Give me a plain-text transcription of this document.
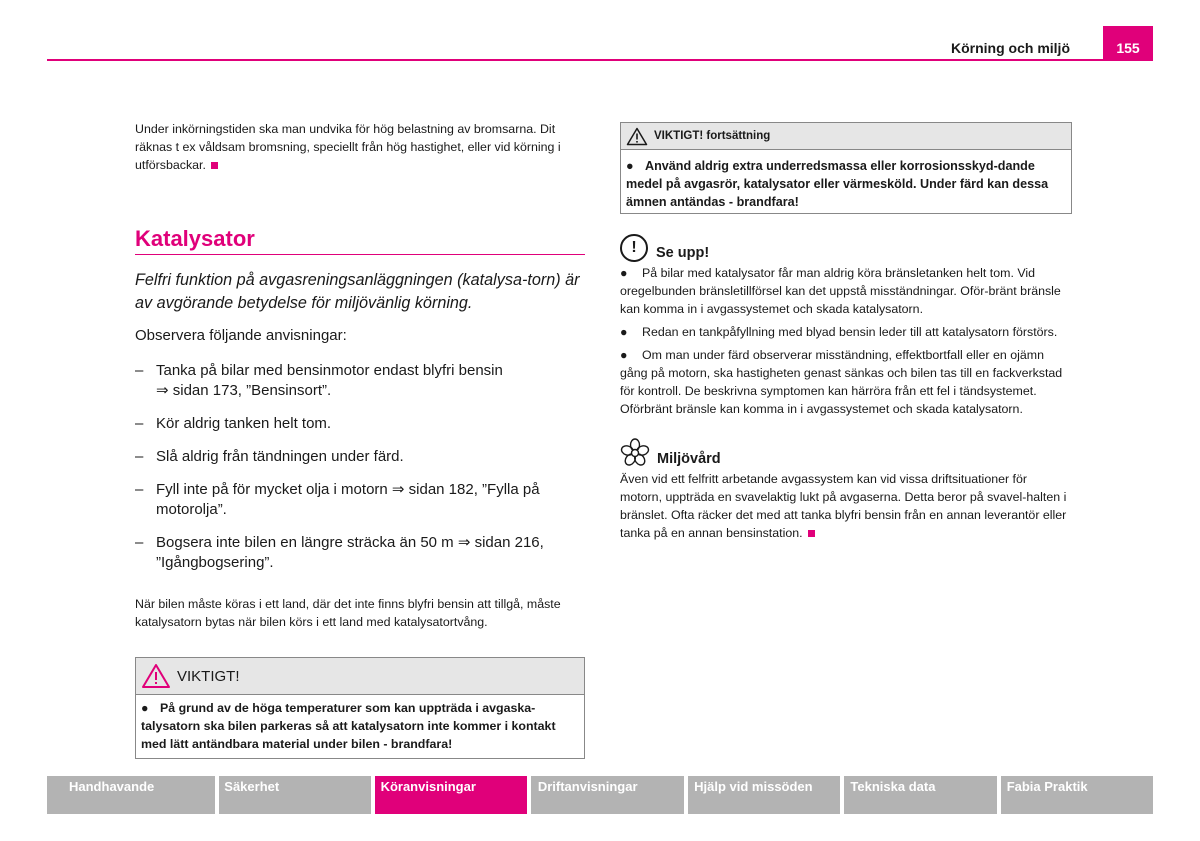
Körning och miljö	155

Under inkörningstiden ska man undvika för hög belastning av bromsarna. Dit räknas t ex våldsam bromsning, speciellt från hög hastighet, eller vid körning i utförsbackar.

Katalysator

Felfri funktion på avgasreningsanläggningen (katalysa-torn) är av avgörande betydelse för miljövänlig körning.

Observera följande anvisningar:

– Tanka på bilar med bensinmotor endast blyfri bensin
⇒ sidan 173, ”Bensinsort”.
– Kör aldrig tanken helt tom.
– Slå aldrig från tändningen under färd.
– Fyll inte på för mycket olja i motorn ⇒ sidan 182, ”Fylla på
motorolja”.
– Bogsera inte bilen en längre sträcka än 50 m ⇒ sidan 216,
”Igångbogsering”.

När bilen måste köras i ett land, där det inte finns blyfri bensin att tillgå, måste katalysatorn bytas när bilen körs i ett land med katalysatortvång.

VIKTIGT!
● På grund av de höga temperaturer som kan uppträda i avgaska-talysatorn ska bilen parkeras så att katalysatorn inte kommer i kontakt med lätt antändbara material under bilen - brandfara!
VIKTIGT! fortsättning
● Använd aldrig extra underredsmassa eller korrosionsskyd-dande medel på avgasrör, katalysator eller värmesköld. Under färd kan dessa ämnen antändas - brandfara!
!	Se upp!

● På bilar med katalysator får man aldrig köra bränsletanken helt tom. Vid oregelbunden bränsletillförsel kan det uppstå misständningar. Oför-bränt bränsle kan komma in i avgassystemet och skada katalysatorn.

● Redan en tankpåfyllning med blyad bensin leder till att katalysatorn förstörs.

● Om man under färd observerar misständning, effektbortfall eller en ojämn gång på motorn, ska hastigheten genast sänkas och bilen tas till en fackverkstad för kontroll. De beskrivna symptomen kan härröra från ett fel i tändsystemet. Oförbränt bränsle kan komma in i avgassystemet och skada katalysatorn.

Miljövård

Även vid ett felfritt arbetande avgassystem kan vid vissa driftsituationer för motorn, uppträda en svavelaktig lukt på avgaserna. Detta beror på svavel-halten i bränslet. Ofta räcker det med att tanka blyfri bensin från en annan leverantör eller tanka på en annan bensinstation.

Handhavande	Säkerhet	Köranvisningar	Driftanvisningar	Hjälp vid missöden	Tekniska data	Fabia Praktik
